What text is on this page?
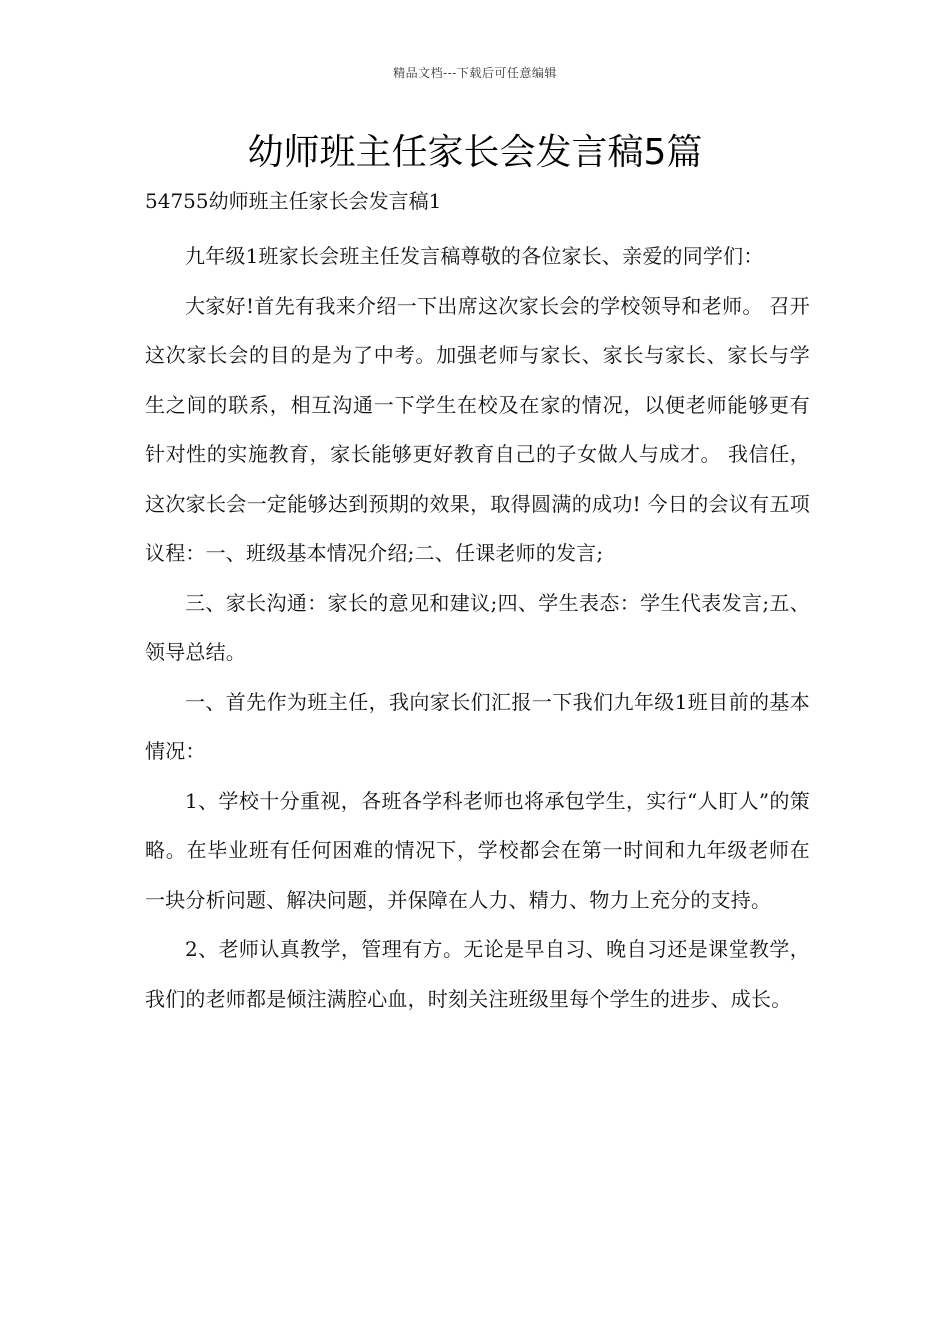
精品文档---下载后可任意编辑
幼师班主任家长会发言稿5篇
54755幼师班主任家长会发言稿1

九年级1班家长会班主任发言稿尊敬的各位家长、亲爱的同学们：

大家好!首先有我来介绍一下出席这次家长会的学校领导和老师。 召开这次家长会的目的是为了中考。加强老师与家长、家长与家长、家长与学生之间的联系，相互沟通一下学生在校及在家的情况，以便老师能够更有针对性的实施教育，家长能够更好教育自己的子女做人与成才。 我信任，这次家长会一定能够达到预期的效果，取得圆满的成功! 今日的会议有五项议程：一、班级基本情况介绍;二、任课老师的发言;

三、家长沟通：家长的意见和建议;四、学生表态：学生代表发言;五、领导总结。

一、首先作为班主任，我向家长们汇报一下我们九年级1班目前的基本情况：

1、学校十分重视，各班各学科老师也将承包学生，实行“人盯人”的策略。在毕业班有任何困难的情况下，学校都会在第一时间和九年级老师在一块分析问题、解决问题，并保障在人力、精力、物力上充分的支持。

2、老师认真教学，管理有方。无论是早自习、晚自习还是课堂教学，我们的老师都是倾注满腔心血，时刻关注班级里每个学生的进步、成长。
